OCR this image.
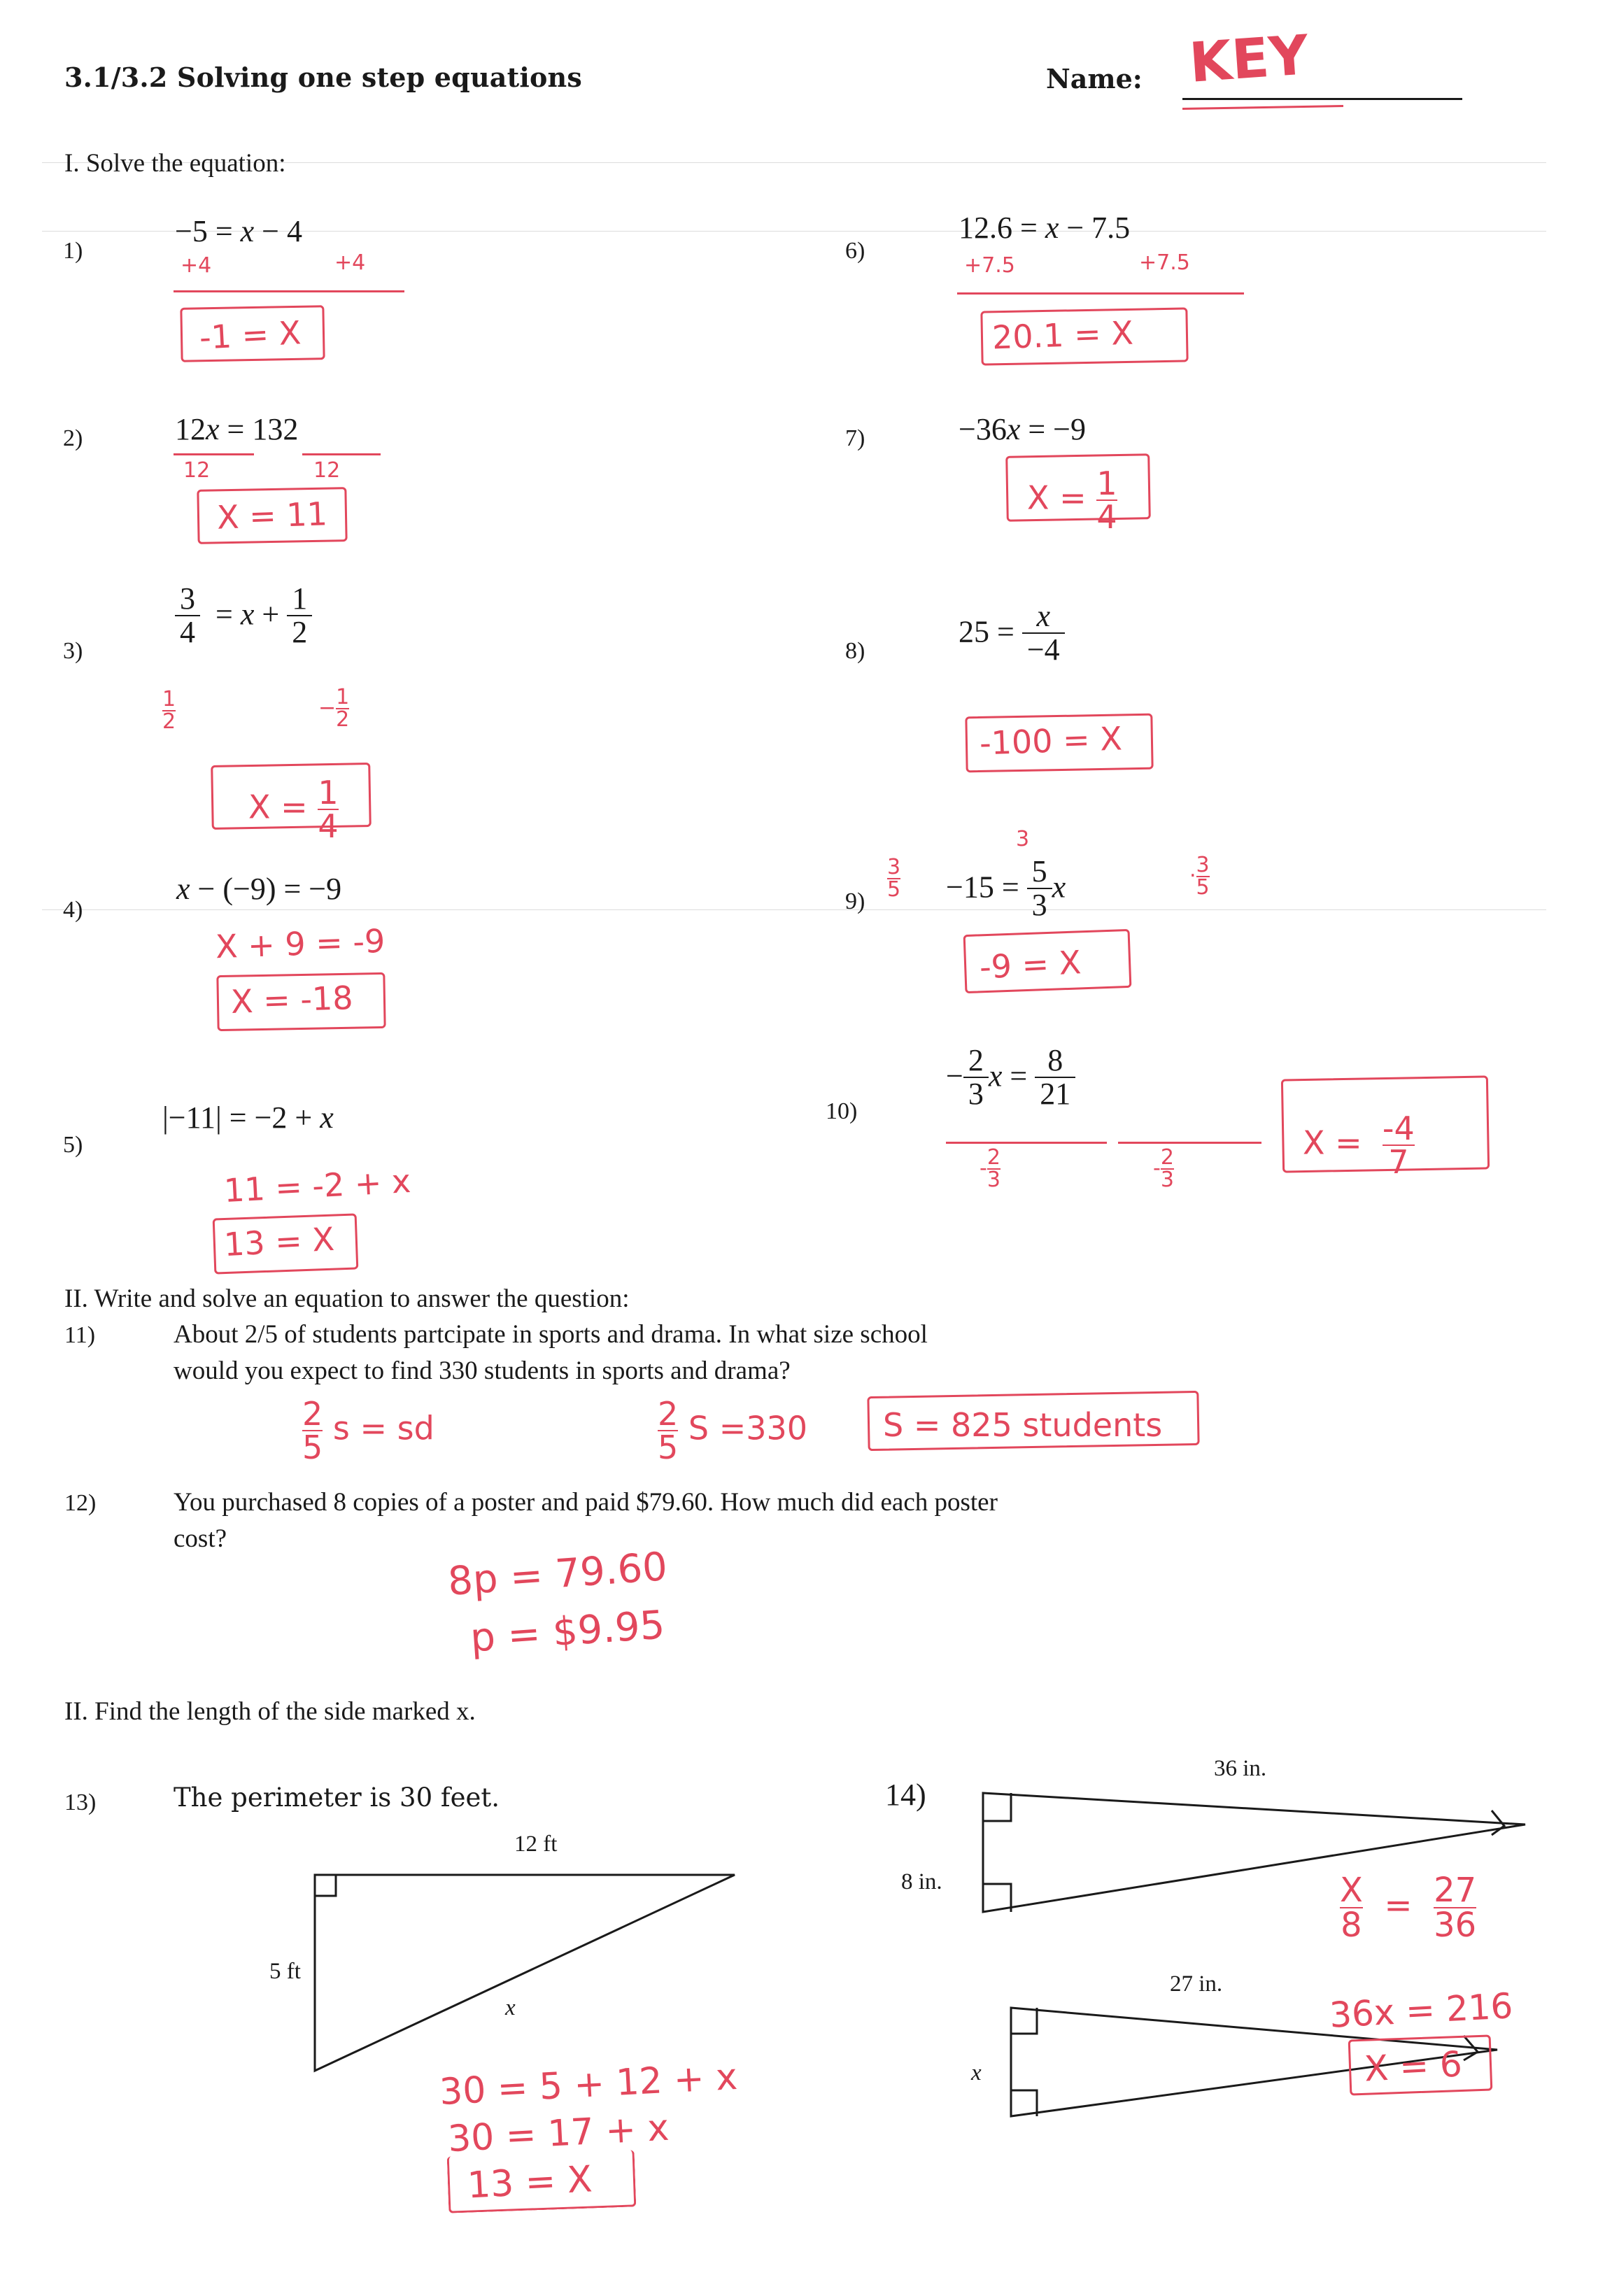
3.1/3.2 Solving one step equations	Name: KEY
I. Solve the equation:
1)
−5 = x − 4
+4	+4
-1 = X
2)	12x = 132
12	12
X = 11
3)
$\frac{3}{4} = x + \frac{1}{2}$
$\frac{1}{2}$	− $\frac{1}{2}$
$X = \frac{1}{4}$
4)
x − (−9) = −9
X + 9 = -9
X = -18
5)
|−11| = −2 + x
11 = -2 + x
13 = X
6)
12.6 = x − 7.5
+7.5	+7.5
20.1 = X
7)	−36x = −9
$X = \frac{1}{4}$
8)
$25 = \frac{x}{-4}$
-100 = X
9)
$\frac{3}{5} -15 = \frac{5}{3}$ x	· $\frac{3}{5}$
3
-9 = X
10)
− $\frac{2}{3}$ $x = \frac{8}{21}$
- $\frac{2}{3}$	- $\frac{2}{3}$
$X = \frac{-4}{7}$
II. Write and solve an equation to answer the question:
11)	About 2/5 of students partcipate in sports and drama. In what size school
would you expect to find 330 students in sports and drama?
$\frac{2}{5}$ s = sd	$\frac{2}{5}$ S =330 S = 825 students
12)	You purchased 8 copies of a poster and paid $79.60. How much did each poster
cost?
8p = 79.60
p = $9.95
II. Find the length of the side marked x.
13)	The perimeter is 30 feet.
12 ft
5 ft
x
30 = 5 + 12 + x
30 = 17 + x
13 = X
14)
36 in.
8 in.
27 in.
x
$\frac{X}{8} = \frac{27}{36}$
36x = 216
X = 6
